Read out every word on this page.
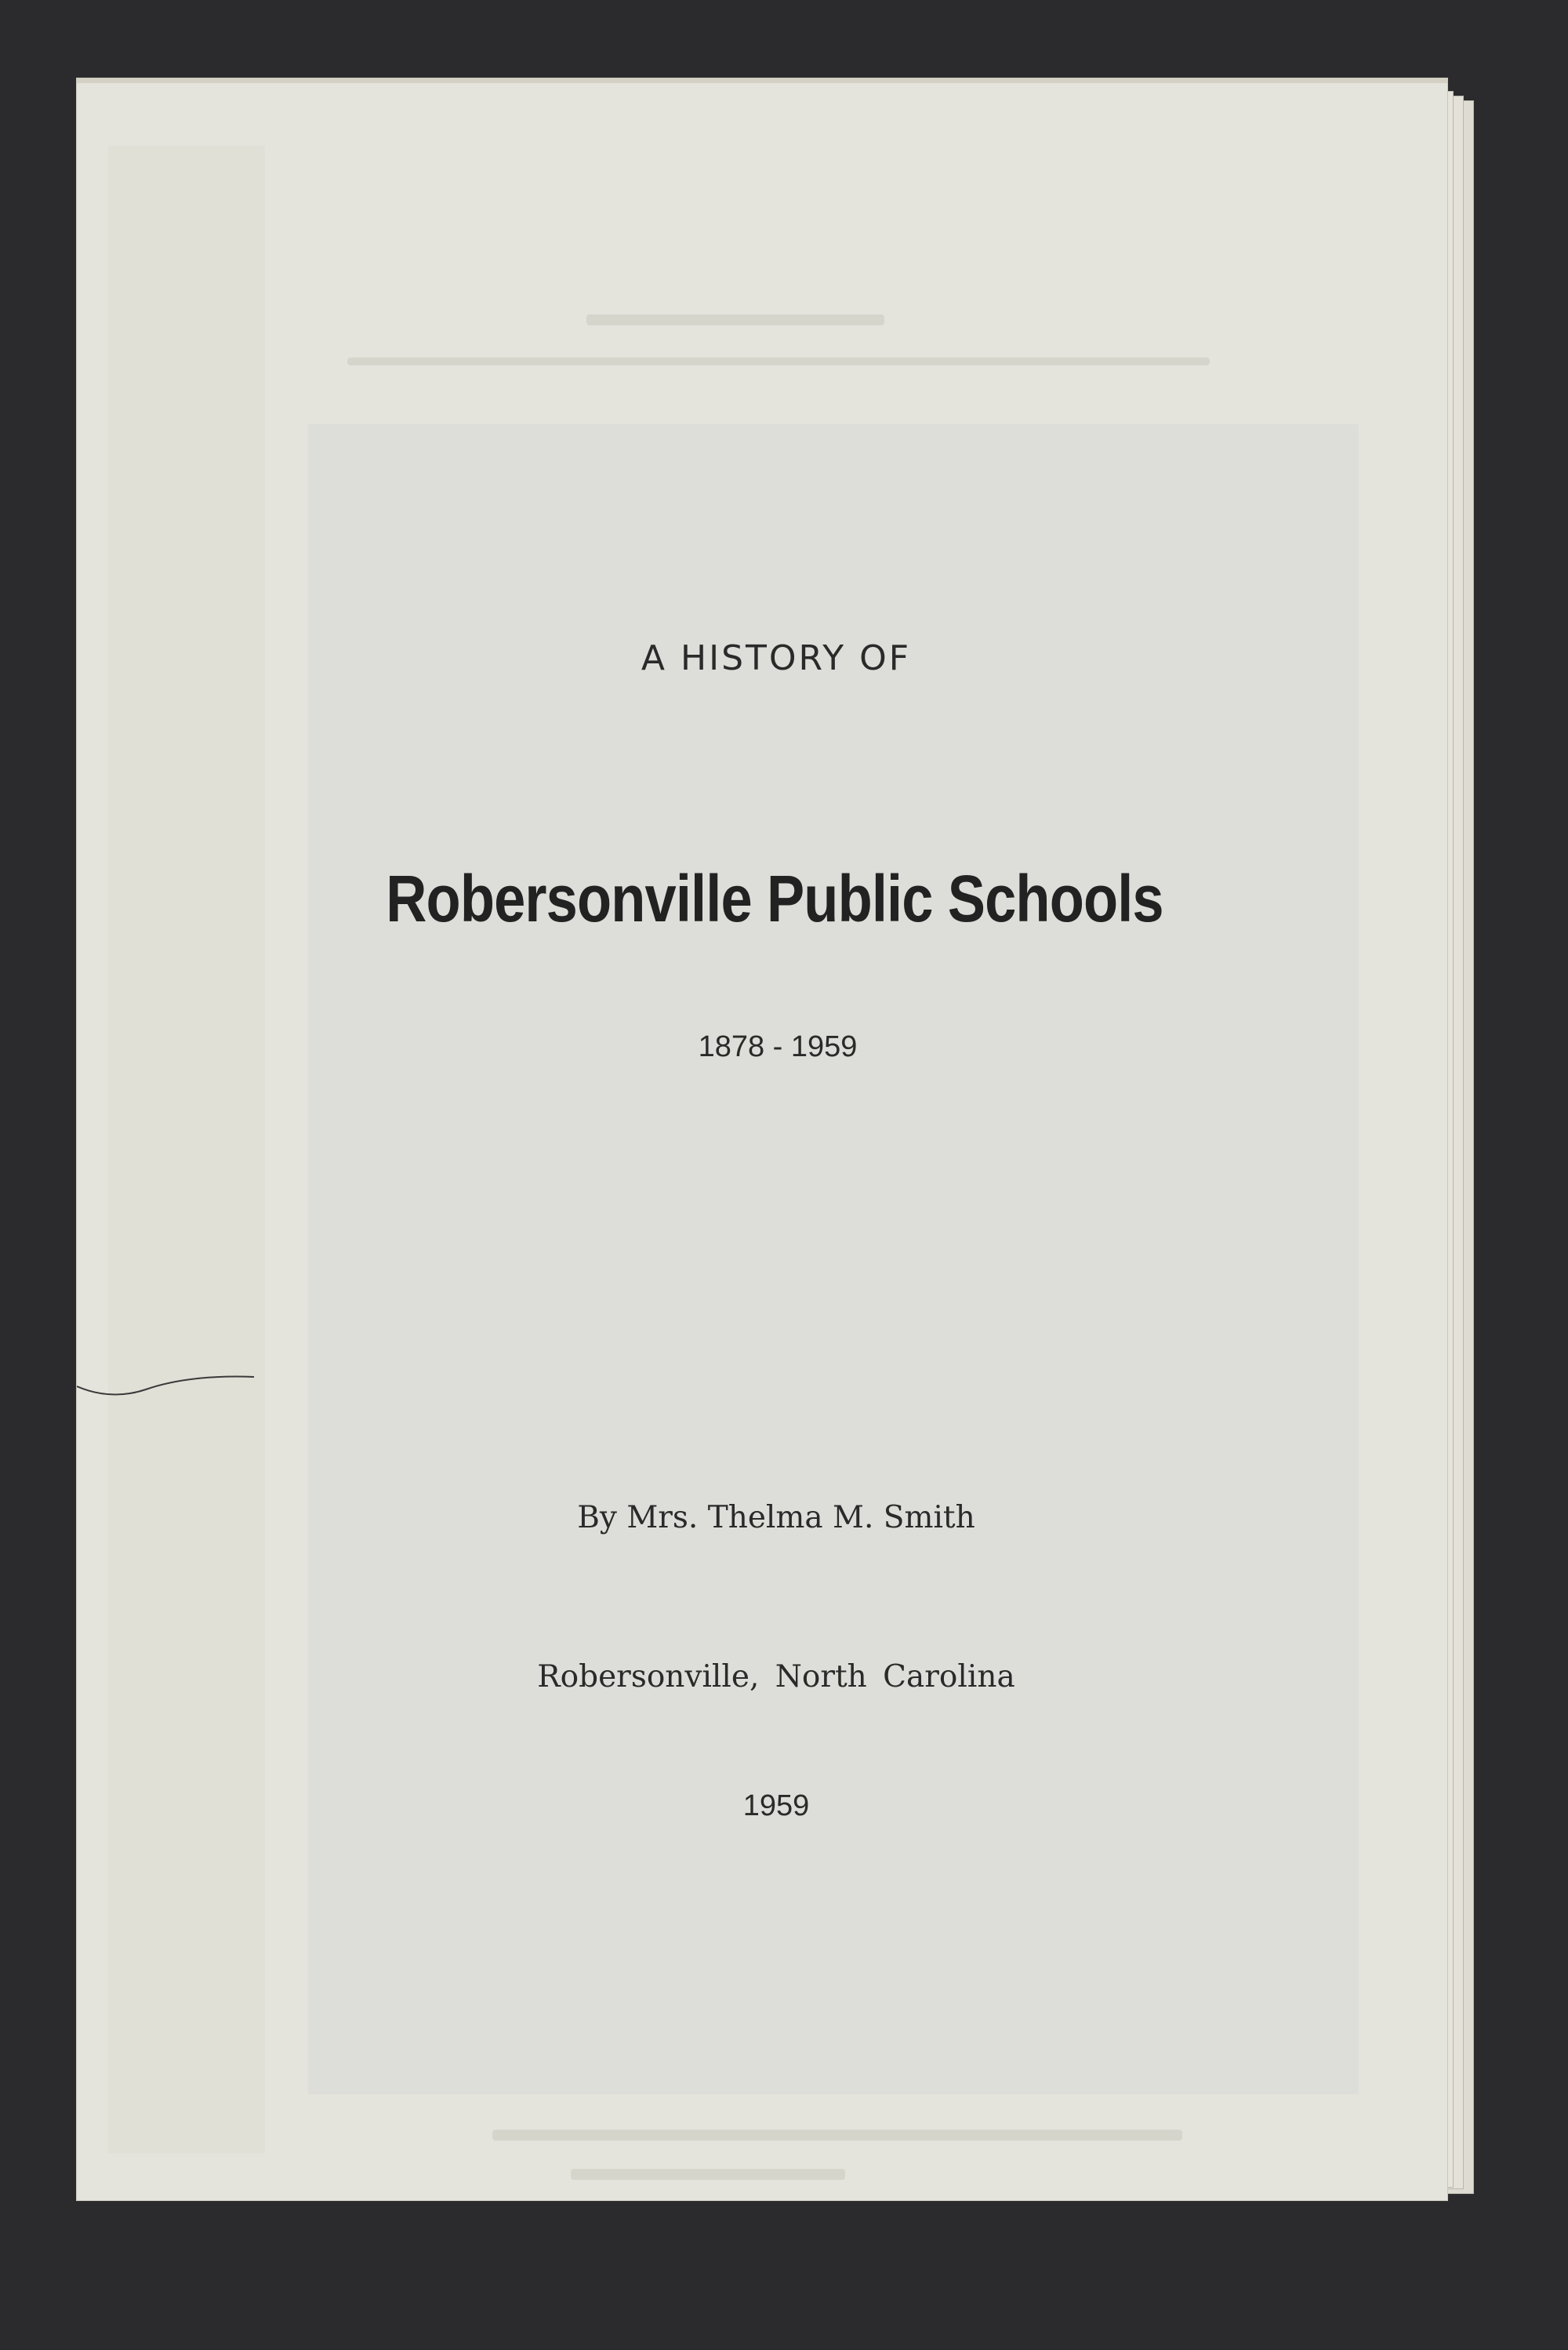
A HISTORY OF
Robersonville Public Schools
1878 - 1959
By Mrs. Thelma M. Smith
Robersonville, North Carolina
1959
